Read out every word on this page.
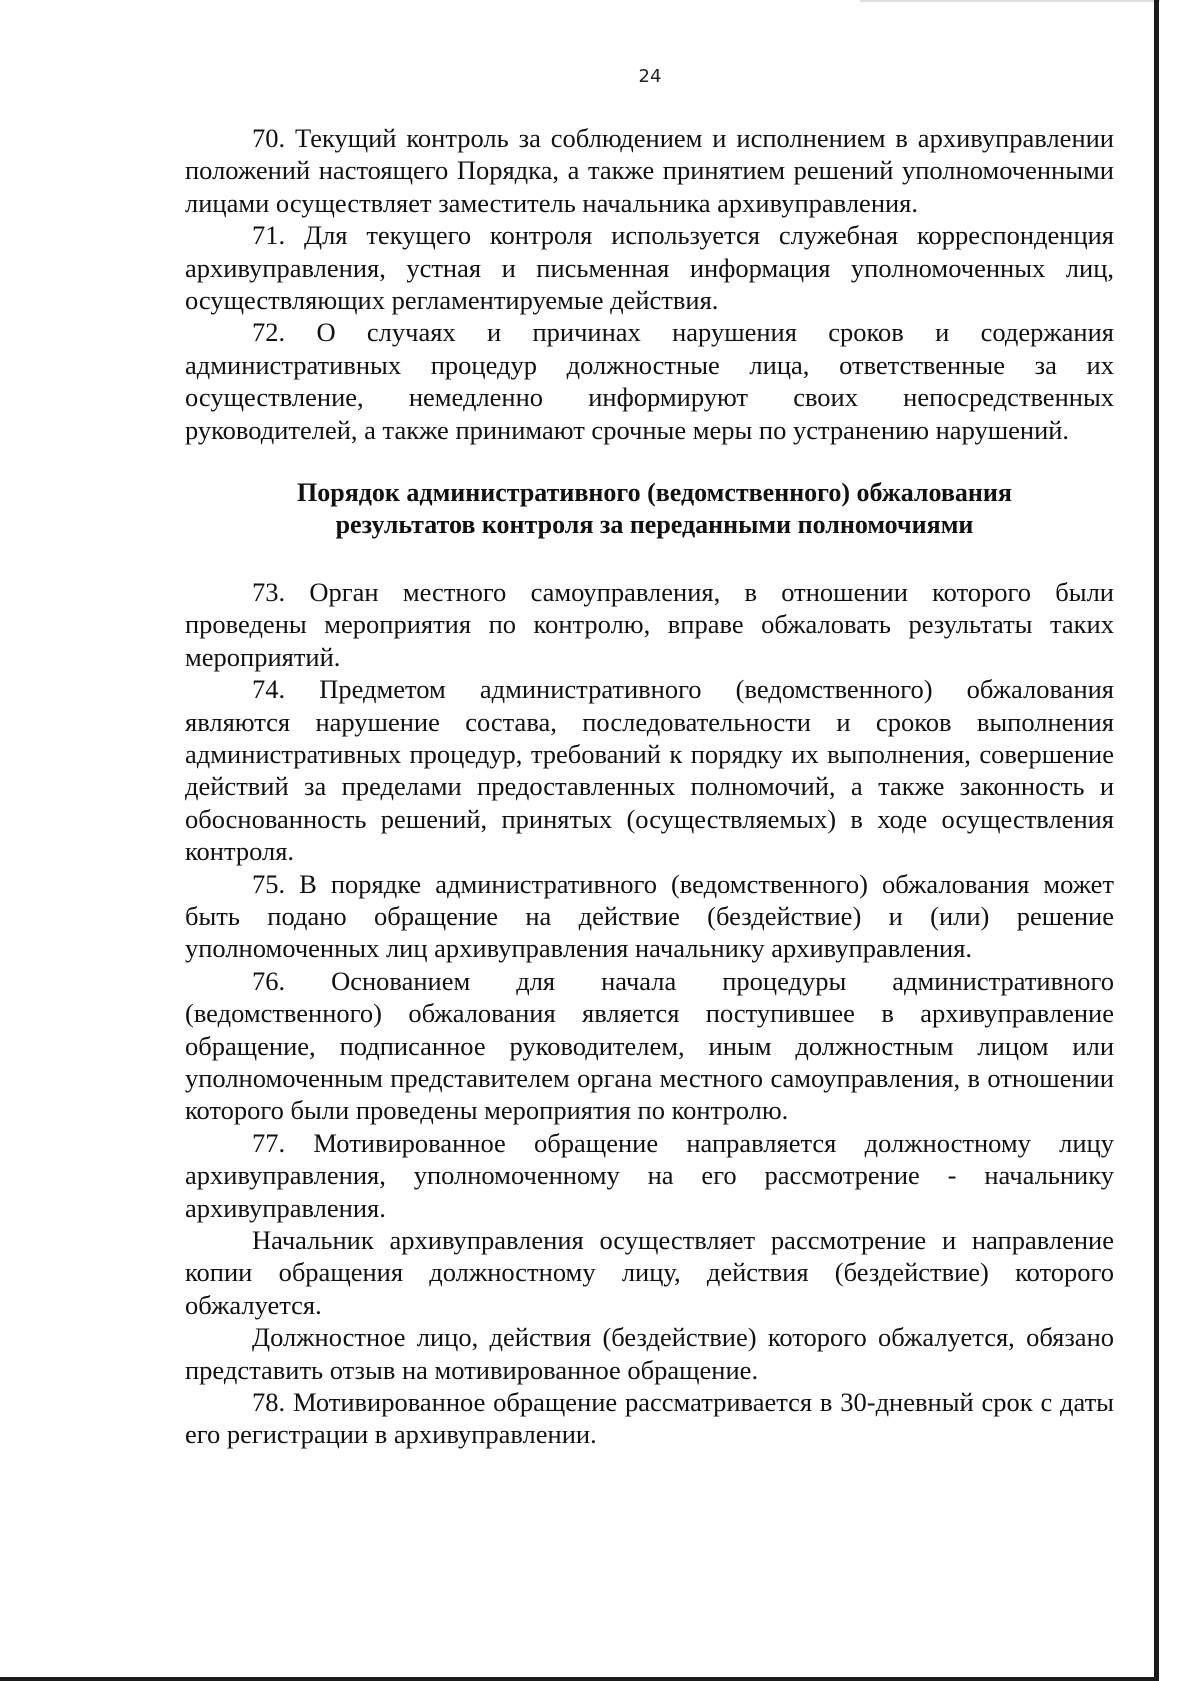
24

70. Текущий контроль за соблюдением и исполнением в архивуправлении положений настоящего Порядка, а также принятием решений уполномоченными лицами осуществляет заместитель начальника архивуправления.

71. Для текущего контроля используется служебная корреспонденция архивуправления, устная и письменная информация уполномоченных лиц, осуществляющих регламентируемые действия.

72. О случаях и причинах нарушения сроков и содержания административных процедур должностные лица, ответственные за их осуществление, немедленно информируют своих непосредственных руководителей, а также принимают срочные меры по устранению нарушений.

Порядок административного (ведомственного) обжалования
результатов контроля за переданными полномочиями

73. Орган местного самоуправления, в отношении которого были проведены мероприятия по контролю, вправе обжаловать результаты таких мероприятий.

74. Предметом административного (ведомственного) обжалования являются нарушение состава, последовательности и сроков выполнения административных процедур, требований к порядку их выполнения, совершение действий за пределами предоставленных полномочий, а также законность и обоснованность решений, принятых (осуществляемых) в ходе осуществления контроля.

75. В порядке административного (ведомственного) обжалования может быть подано обращение на действие (бездействие) и (или) решение уполномоченных лиц архивуправления начальнику архивуправления.

76. Основанием для начала процедуры административного (ведомственного) обжалования является поступившее в архивуправление обращение, подписанное руководителем, иным должностным лицом или уполномоченным представителем органа местного самоуправления, в отношении которого были проведены мероприятия по контролю.

77. Мотивированное обращение направляется должностному лицу архивуправления, уполномоченному на его рассмотрение - начальнику архивуправления.

Начальник архивуправления осуществляет рассмотрение и направление копии обращения должностному лицу, действия (бездействие) которого обжалуется.

Должностное лицо, действия (бездействие) которого обжалуется, обязано представить отзыв на мотивированное обращение.

78. Мотивированное обращение рассматривается в 30-дневный срок с даты его регистрации в архивуправлении.
